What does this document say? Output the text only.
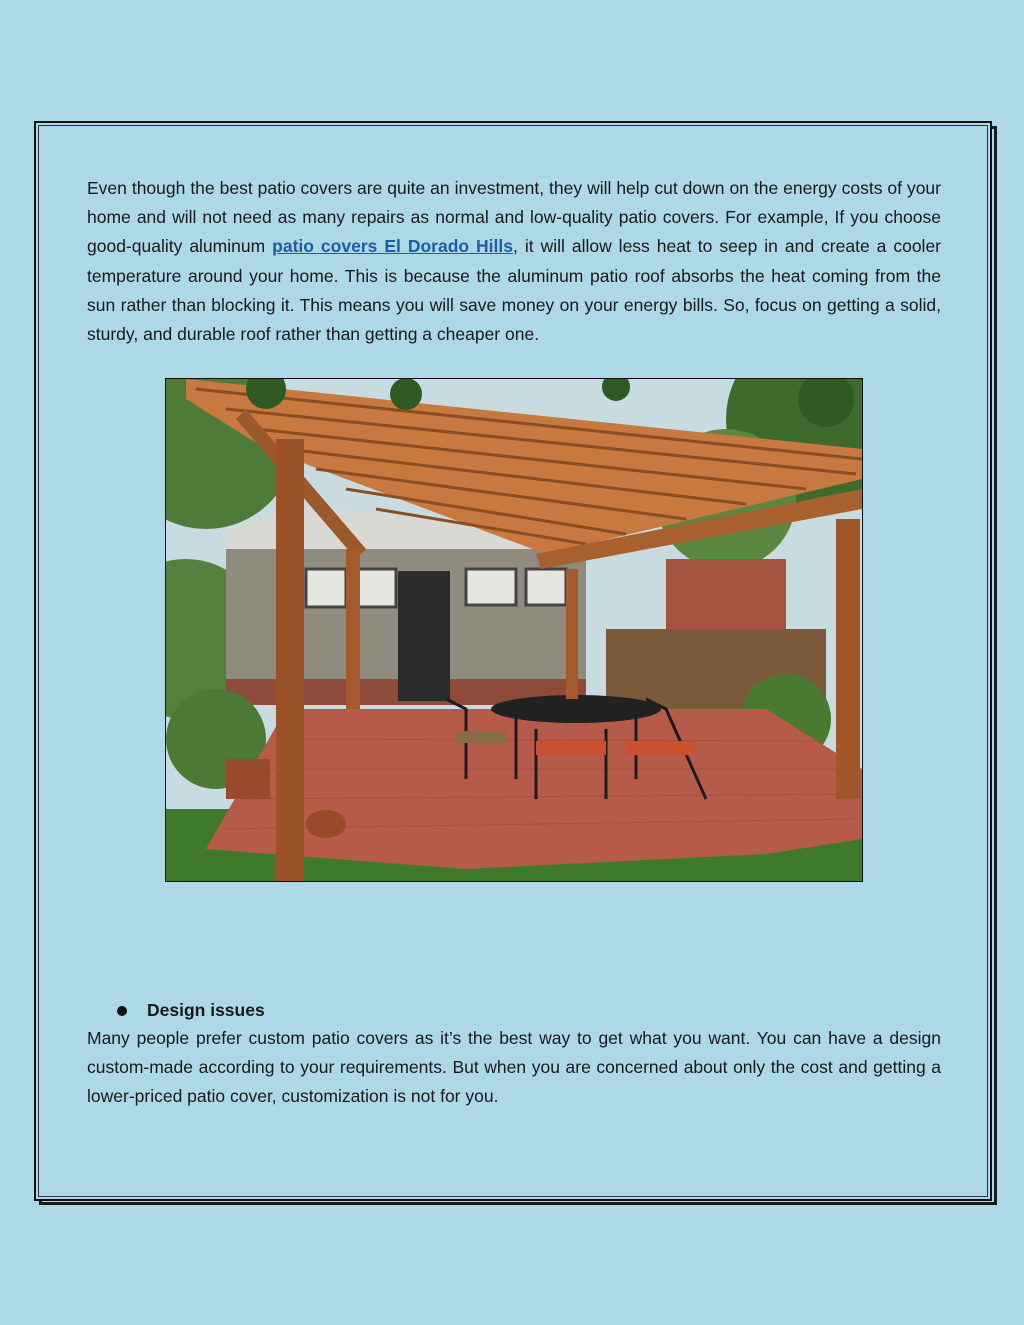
Even though the best patio covers are quite an investment, they will help cut down on the energy costs of your home and will not need as many repairs as normal and low-quality patio covers. For example, If you choose good-quality aluminum patio covers El Dorado Hills, it will allow less heat to seep in and create a cooler temperature around your home. This is because the aluminum patio roof absorbs the heat coming from the sun rather than blocking it. This means you will save money on your energy bills. So, focus on getting a solid, sturdy, and durable roof rather than getting a cheaper one.

Design issues

Many people prefer custom patio covers as it’s the best way to get what you want. You can have a design custom-made according to your requirements. But when you are concerned about only the cost and getting a lower-priced patio cover, customization is not for you.
